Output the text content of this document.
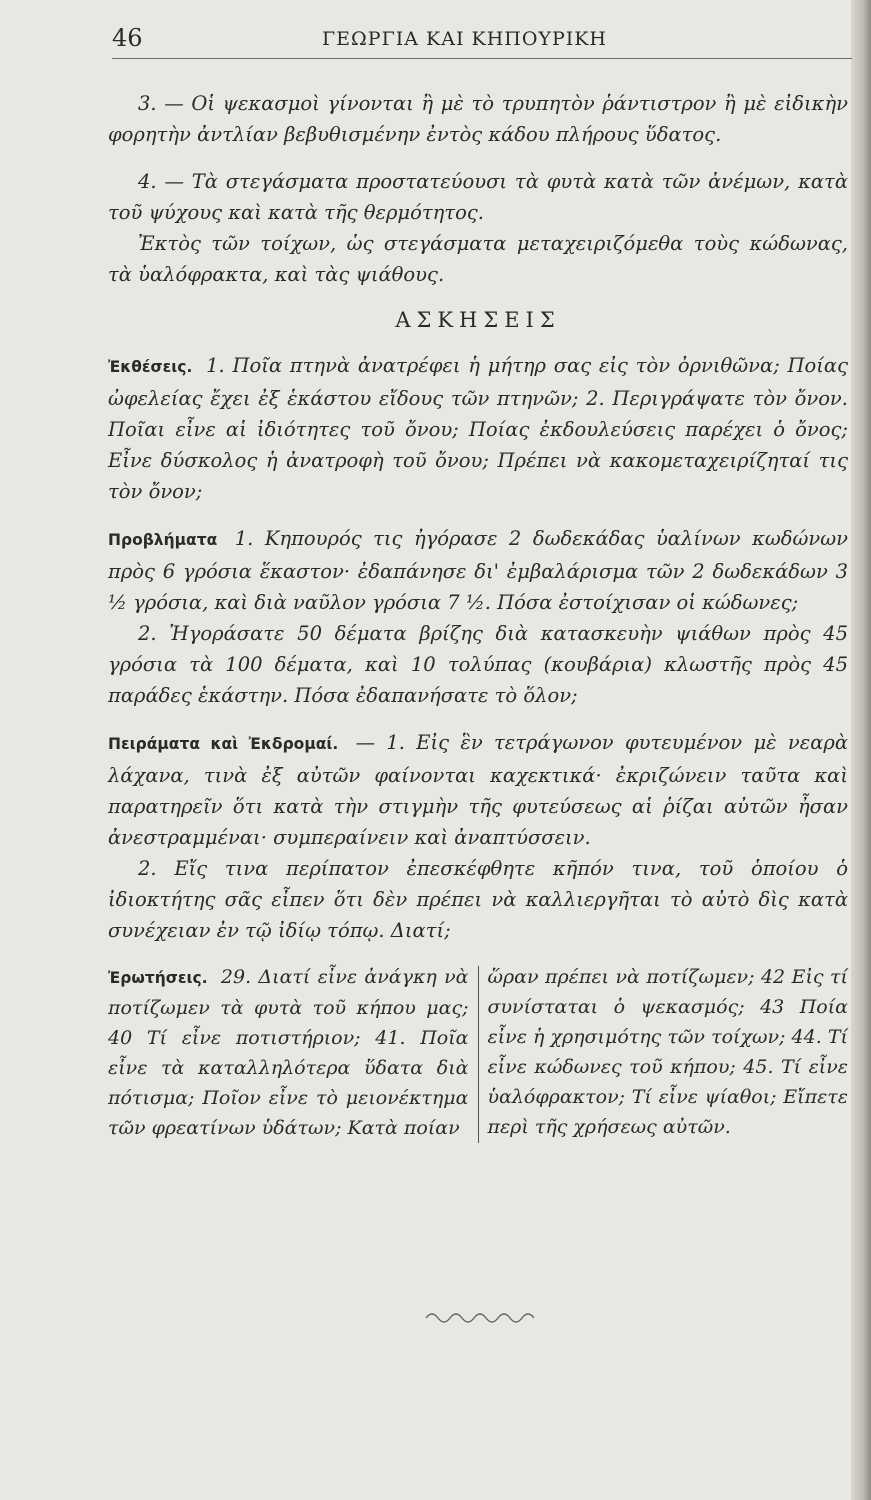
46	ΓΕΩΡΓΙΑ ΚΑΙ ΚΗΠΟΥΡΙΚΗ

3. — Οἱ ψεκασμοὶ γίνονται ἢ μὲ τὸ τρυπητὸν ῥάντιστρον ἢ μὲ εἰδικὴν φορητὴν ἀντλίαν βεβυθισμένην ἐντὸς κάδου πλήρους ὕδατος.

4. — Τὰ στεγάσματα προστατεύουσι τὰ φυτὰ κατὰ τῶν ἀνέμων, κατὰ τοῦ ψύχους καὶ κατὰ τῆς θερμότητος.

Ἐκτὸς τῶν τοίχων, ὡς στεγάσματα μεταχειριζόμεθα τοὺς κώδωνας, τὰ ὑαλόφρακτα, καὶ τὰς ψιάθους.

ΑΣΚΗΣΕΙΣ

Ἐκθέσεις. 1. Ποῖα πτηνὰ ἀνατρέφει ἡ μήτηρ σας εἰς τὸν ὀρνιθῶνα; Ποίας ὠφελείας ἔχει ἐξ ἑκάστου εἴδους τῶν πτηνῶν; 2. Περιγράψατε τὸν ὄνον. Ποῖαι εἶνε αἱ ἰδιότητες τοῦ ὄνου; Ποίας ἐκδουλεύσεις παρέχει ὁ ὄνος; Εἶνε δύσκολος ἡ ἀνατροφὴ τοῦ ὄνου; Πρέπει νὰ κακομεταχειρίζηταί τις τὸν ὄνον;

Προβλήματα 1. Κηπουρός τις ἠγόρασε 2 δωδεκάδας ὑαλίνων κωδώνων πρὸς 6 γρόσια ἕκαστον· ἐδαπάνησε δι' ἐμβαλάρισμα τῶν 2 δωδεκάδων 3 ½ γρόσια, καὶ διὰ ναῦλον γρόσια 7 ½. Πόσα ἐστοίχισαν οἱ κώδωνες;

2. Ἠγοράσατε 50 δέματα βρίζης διὰ κατασκευὴν ψιάθων πρὸς 45 γρόσια τὰ 100 δέματα, καὶ 10 τολύπας (κουβάρια) κλωστῆς πρὸς 45 παράδες ἑκάστην. Πόσα ἐδαπανήσατε τὸ ὅλον;

Πειράματα καὶ Ἐκδρομαί. — 1. Εἰς ἓν τετράγωνον φυτευμένον μὲ νεαρὰ λάχανα, τινὰ ἐξ αὐτῶν φαίνονται καχεκτικά· ἐκριζώνειν ταῦτα καὶ παρατηρεῖν ὅτι κατὰ τὴν στιγμὴν τῆς φυτεύσεως αἱ ῥίζαι αὐτῶν ἦσαν ἀνεστραμμέναι· συμπεραίνειν καὶ ἀναπτύσσειν.

2. Εἴς τινα περίπατον ἐπεσκέφθητε κῆπόν τινα, τοῦ ὁποίου ὁ ἰδιοκτήτης σᾶς εἶπεν ὅτι δὲν πρέπει νὰ καλλιεργῆται τὸ αὐτὸ δὶς κατὰ συνέχειαν ἐν τῷ ἰδίῳ τόπῳ. Διατί;

Ἐρωτήσεις. 29. Διατί εἶνε ἀνάγκη νὰ ποτίζωμεν τὰ φυτὰ τοῦ κήπου μας; 40 Τί εἶνε ποτιστήριον; 41. Ποῖα εἶνε τὰ καταλληλότερα ὕδατα διὰ πότισμα; Ποῖον εἶνε τὸ μειονέκτημα τῶν φρεατίνων ὑδάτων; Κατὰ ποίαν
ὥραν πρέπει νὰ ποτίζωμεν; 42 Εἰς τί συνίσταται ὁ ψεκασμός; 43 Ποία εἶνε ἡ χρησιμότης τῶν τοίχων; 44. Τί εἶνε κώδωνες τοῦ κήπου; 45. Τί εἶνε ὑαλόφρακτον; Τί εἶνε ψίαθοι; Εἴπετε περὶ τῆς χρήσεως αὐτῶν.
